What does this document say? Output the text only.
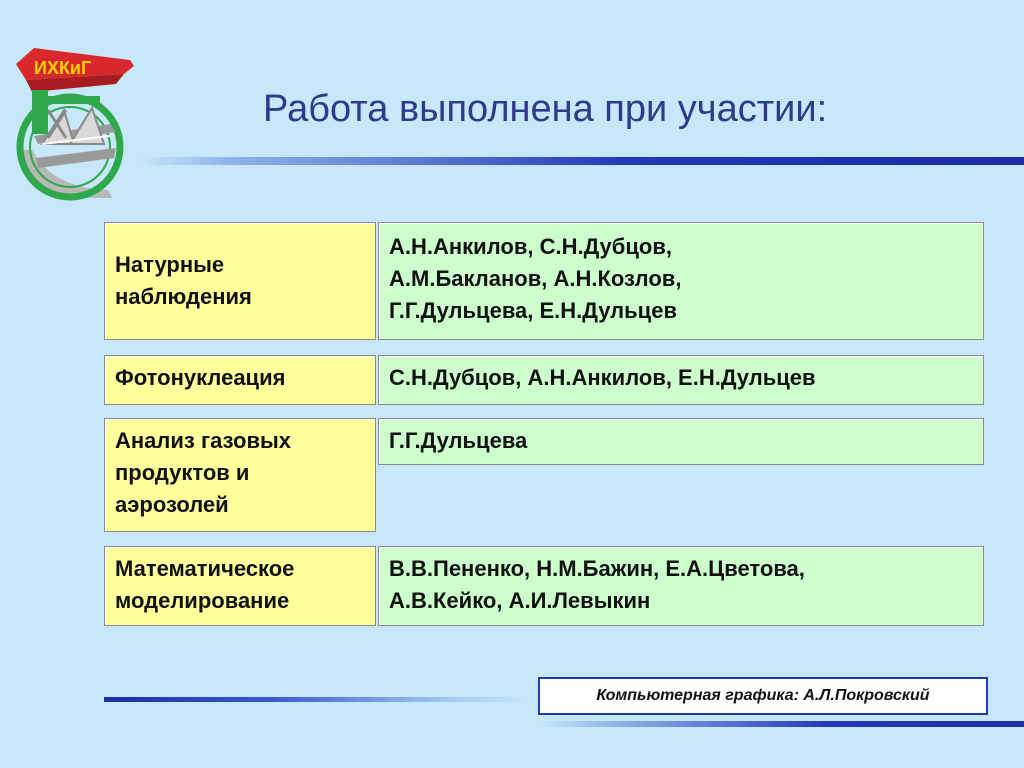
ИХКиГ
Работа выполнена при участии:
Натурные
наблюдения
А.Н.Анкилов, С.Н.Дубцов,
А.М.Бакланов, А.Н.Козлов,
Г.Г.Дульцева, Е.Н.Дульцев
Фотонуклеация	С.Н.Дубцов, А.Н.Анкилов, Е.Н.Дульцев
Анализ газовых
продуктов и
аэрозолей
Г.Г.Дульцева
Математическое
моделирование
В.В.Пененко, Н.М.Бажин, Е.А.Цветова,
А.В.Кейко, А.И.Левыкин
Компьютерная графика: А.Л.Покровский
